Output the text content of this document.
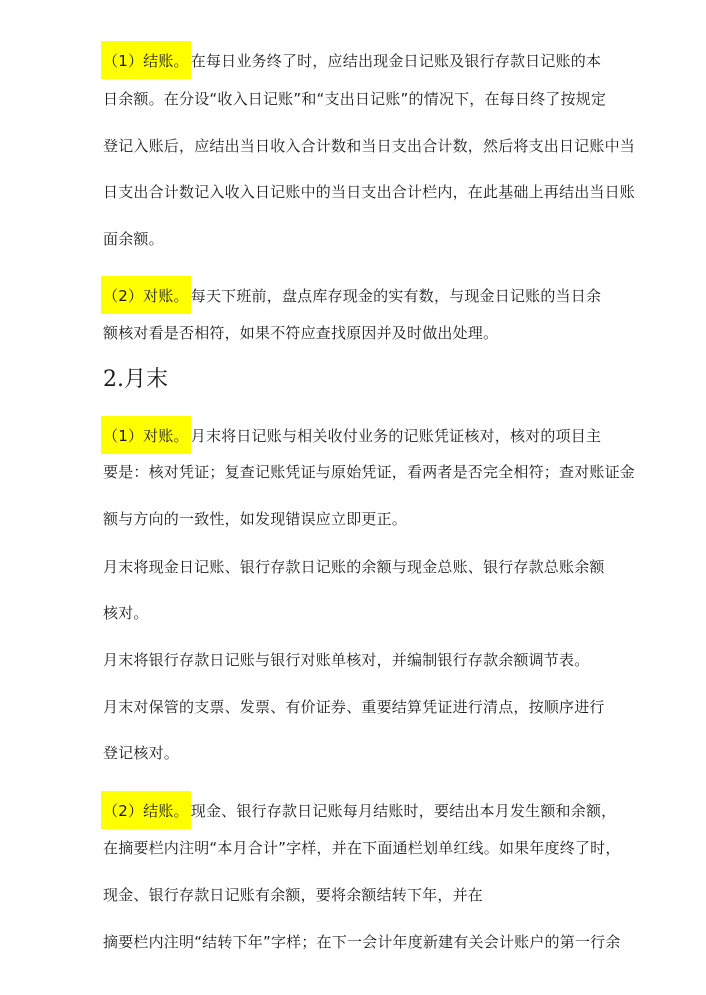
（1）结账。 在每日业务终了时，应结出现金日记账及银行存款日记账的本
日余额。在分设“收入日记账”和“支出日记账”的情况下，在每日终了按规定
登记入账后，应结出当日收入合计数和当日支出合计数，然后将支出日记账中当
日支出合计数记入收入日记账中的当日支出合计栏内，在此基础上再结出当日账
面余额。
（2）对账。 每天下班前，盘点库存现金的实有数，与现金日记账的当日余
额核对看是否相符，如果不符应查找原因并及时做出处理。
2.月末
（1）对账。 月末将日记账与相关收付业务的记账凭证核对，核对的项目主
要是：核对凭证；复查记账凭证与原始凭证，看两者是否完全相符；查对账证金
额与方向的一致性，如发现错误应立即更正。
月末将现金日记账、银行存款日记账的余额与现金总账、银行存款总账余额
核对。
月末将银行存款日记账与银行对账单核对，并编制银行存款余额调节表。
月末对保管的支票、发票、有价证券、重要结算凭证进行清点，按顺序进行
登记核对。
（2）结账。 现金、银行存款日记账每月结账时，要结出本月发生额和余额，
在摘要栏内注明“本月合计”字样，并在下面通栏划单红线。如果年度终了时，
现金、银行存款日记账有余额，要将余额结转下年，并在
摘要栏内注明“结转下年”字样；在下一会计年度新建有关会计账户的第一行余
